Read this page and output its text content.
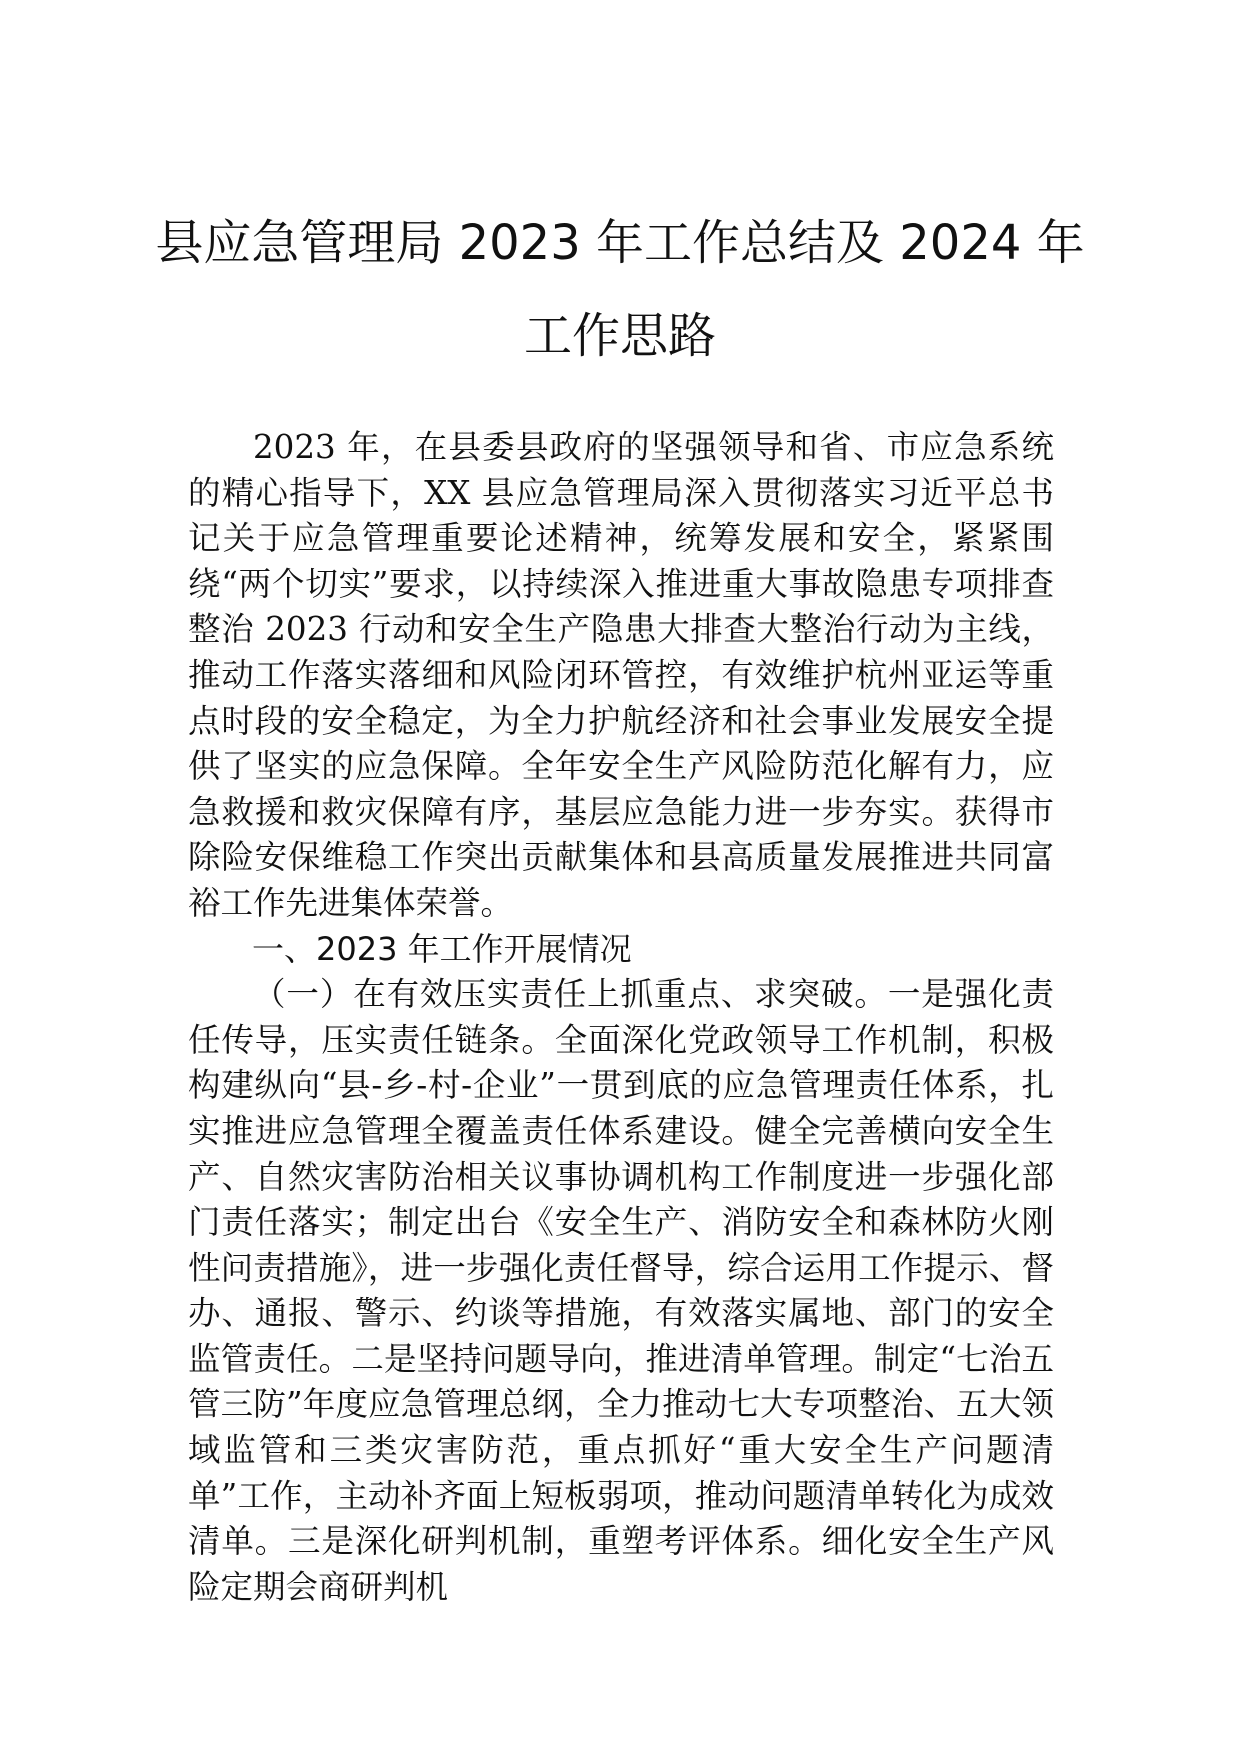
县应急管理局 2023 年工作总结及 2024 年
工作思路

2023 年，在县委县政府的坚强领导和省、市应急系统的精心指导下，XX 县应急管理局深入贯彻落实习近平总书记关于应急管理重要论述精神，统筹发展和安全，紧紧围绕“两个切实”要求，以持续深入推进重大事故隐患专项排查整治 2023 行动和安全生产隐患大排查大整治行动为主线，推动工作落实落细和风险闭环管控，有效维护杭州亚运等重点时段的安全稳定，为全力护航经济和社会事业发展安全提供了坚实的应急保障。全年安全生产风险防范化解有力，应急救援和救灾保障有序，基层应急能力进一步夯实。获得市除险安保维稳工作突出贡献集体和县高质量发展推进共同富裕工作先进集体荣誉。

一、2023 年工作开展情况

（一）在有效压实责任上抓重点、求突破。一是强化责任传导，压实责任链条。全面深化党政领导工作机制，积极构建纵向“县-乡-村-企业”一贯到底的应急管理责任体系，扎实推进应急管理全覆盖责任体系建设。健全完善横向安全生产、自然灾害防治相关议事协调机构工作制度进一步强化部门责任落实；制定出台《安全生产、消防安全和森林防火刚性问责措施》，进一步强化责任督导，综合运用工作提示、督办、通报、警示、约谈等措施，有效落实属地、部门的安全监管责任。二是坚持问题导向，推进清单管理。制定“七治五管三防”年度应急管理总纲，全力推动七大专项整治、五大领域监管和三类灾害防范，重点抓好“重大安全生产问题清单”工作，主动补齐面上短板弱项，推动问题清单转化为成效清单。三是深化研判机制，重塑考评体系。细化安全生产风险定期会商研判机
